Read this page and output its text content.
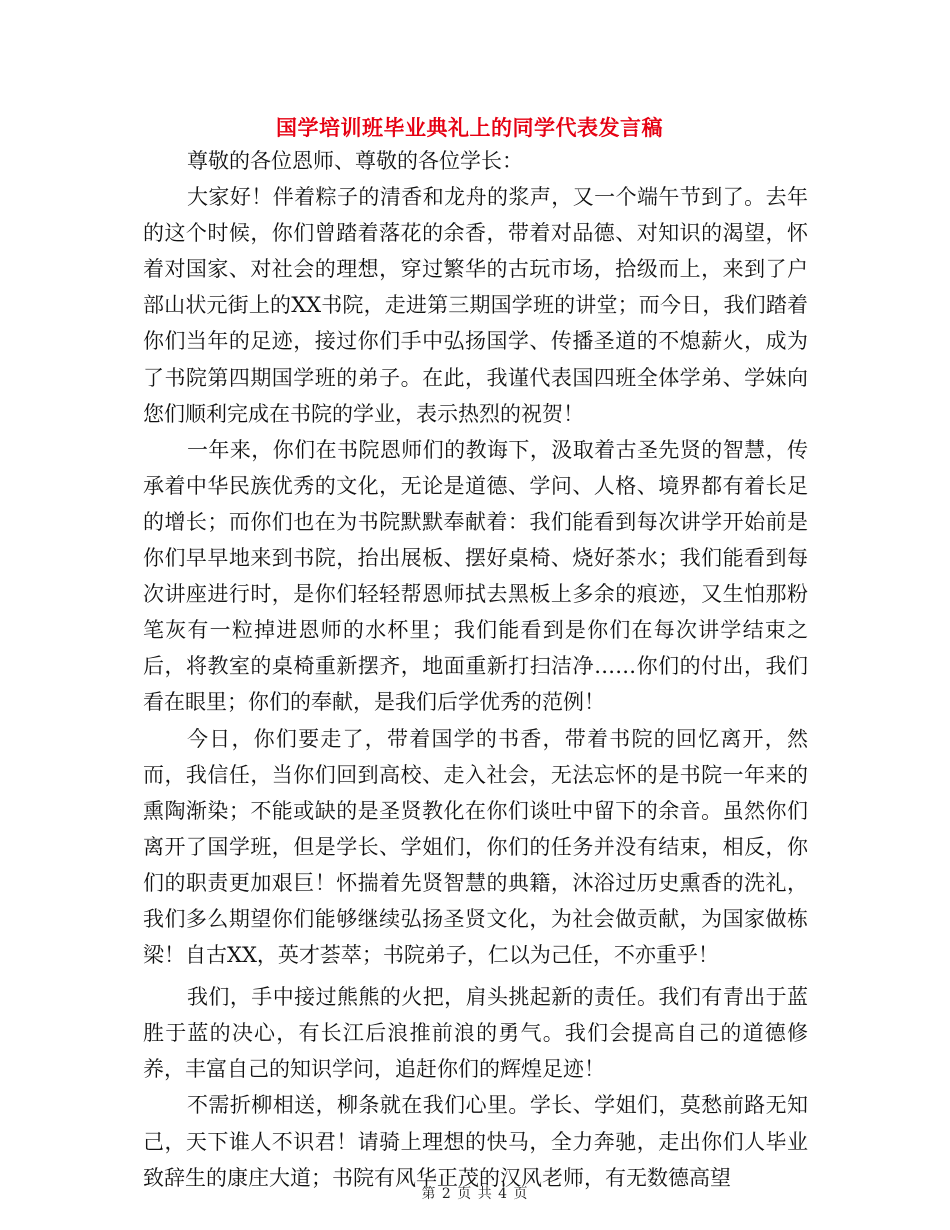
国学培训班毕业典礼上的同学代表发言稿

尊敬的各位恩师、尊敬的各位学长：

大家好！伴着粽子的清香和龙舟的浆声，又一个端午节到了。去年的这个时候，你们曾踏着落花的余香，带着对品德、对知识的渴望，怀着对国家、对社会的理想，穿过繁华的古玩市场，拾级而上，来到了户部山状元街上的XX书院，走进第三期国学班的讲堂；而今日，我们踏着你们当年的足迹，接过你们手中弘扬国学、传播圣道的不熄薪火，成为了书院第四期国学班的弟子。在此，我谨代表国四班全体学弟、学妹向您们顺利完成在书院的学业，表示热烈的祝贺！

一年来，你们在书院恩师们的教诲下，汲取着古圣先贤的智慧，传承着中华民族优秀的文化，无论是道德、学问、人格、境界都有着长足的增长；而你们也在为书院默默奉献着：我们能看到每次讲学开始前是你们早早地来到书院，抬出展板、摆好桌椅、烧好茶水；我们能看到每次讲座进行时，是你们轻轻帮恩师拭去黑板上多余的痕迹，又生怕那粉笔灰有一粒掉进恩师的水杯里；我们能看到是你们在每次讲学结束之后，将教室的桌椅重新摆齐，地面重新打扫洁净……你们的付出，我们看在眼里；你们的奉献，是我们后学优秀的范例！

今日，你们要走了，带着国学的书香，带着书院的回忆离开，然而，我信任，当你们回到高校、走入社会，无法忘怀的是书院一年来的熏陶渐染；不能或缺的是圣贤教化在你们谈吐中留下的余音。虽然你们离开了国学班，但是学长、学姐们，你们的任务并没有结束，相反，你们的职责更加艰巨！怀揣着先贤智慧的典籍，沐浴过历史熏香的洗礼，我们多么期望你们能够继续弘扬圣贤文化，为社会做贡献，为国家做栋梁！自古XX，英才荟萃；书院弟子，仁以为己任，不亦重乎！

我们，手中接过熊熊的火把，肩头挑起新的责任。我们有青出于蓝胜于蓝的决心，有长江后浪推前浪的勇气。我们会提高自己的道德修养，丰富自己的知识学问，追赶你们的辉煌足迹！

不需折柳相送，柳条就在我们心里。学长、学姐们，莫愁前路无知己，天下谁人不识君！请骑上理想的快马，全力奔驰，走出你们人毕业致辞生的康庄大道；书院有风华正茂的汉风老师，有无数德高望

第 2 页 共 4 页
